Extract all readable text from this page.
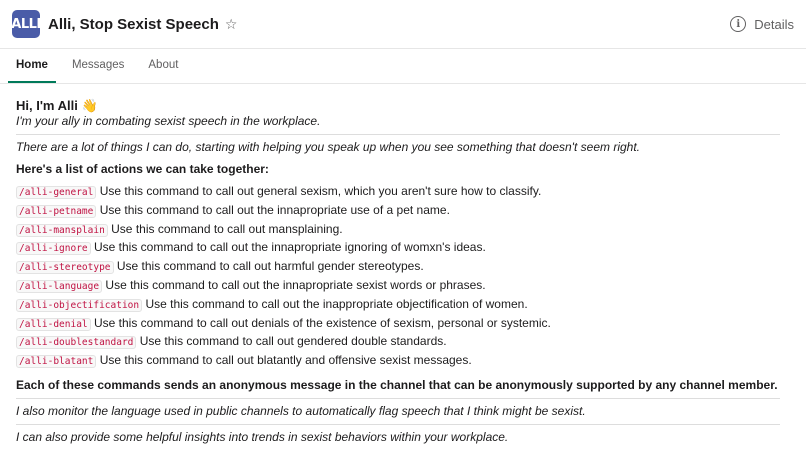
ALLI Alli, Stop Sexist Speech ☆	i	Details
Home	Messages	About
Hi, I'm Alli 👋
I'm your ally in combating sexist speech in the workplace.
There are a lot of things I can do, starting with helping you speak up when you see something that doesn't seem right.
Here's a list of actions we can take together:
/alli-general Use this command to call out general sexism, which you aren't sure how to classify.
/alli-petname Use this command to call out the innapropriate use of a pet name.
/alli-mansplain Use this command to call out mansplaining.
/alli-ignore Use this command to call out the innapropriate ignoring of womxn's ideas.
/alli-stereotype Use this command to call out harmful gender stereotypes.
/alli-language Use this command to call out the innapropriate sexist words or phrases.
/alli-objectification Use this command to call out the inappropriate objectification of women.
/alli-denial Use this command to call out denials of the existence of sexism, personal or systemic.
/alli-doublestandard Use this command to call out gendered double standards.
/alli-blatant Use this command to call out blatantly and offensive sexist messages.
Each of these commands sends an anonymous message in the channel that can be anonymously supported by any channel member.
I also monitor the language used in public channels to automatically flag speech that I think might be sexist.
I can also provide some helpful insights into trends in sexist behaviors within your workplace.
